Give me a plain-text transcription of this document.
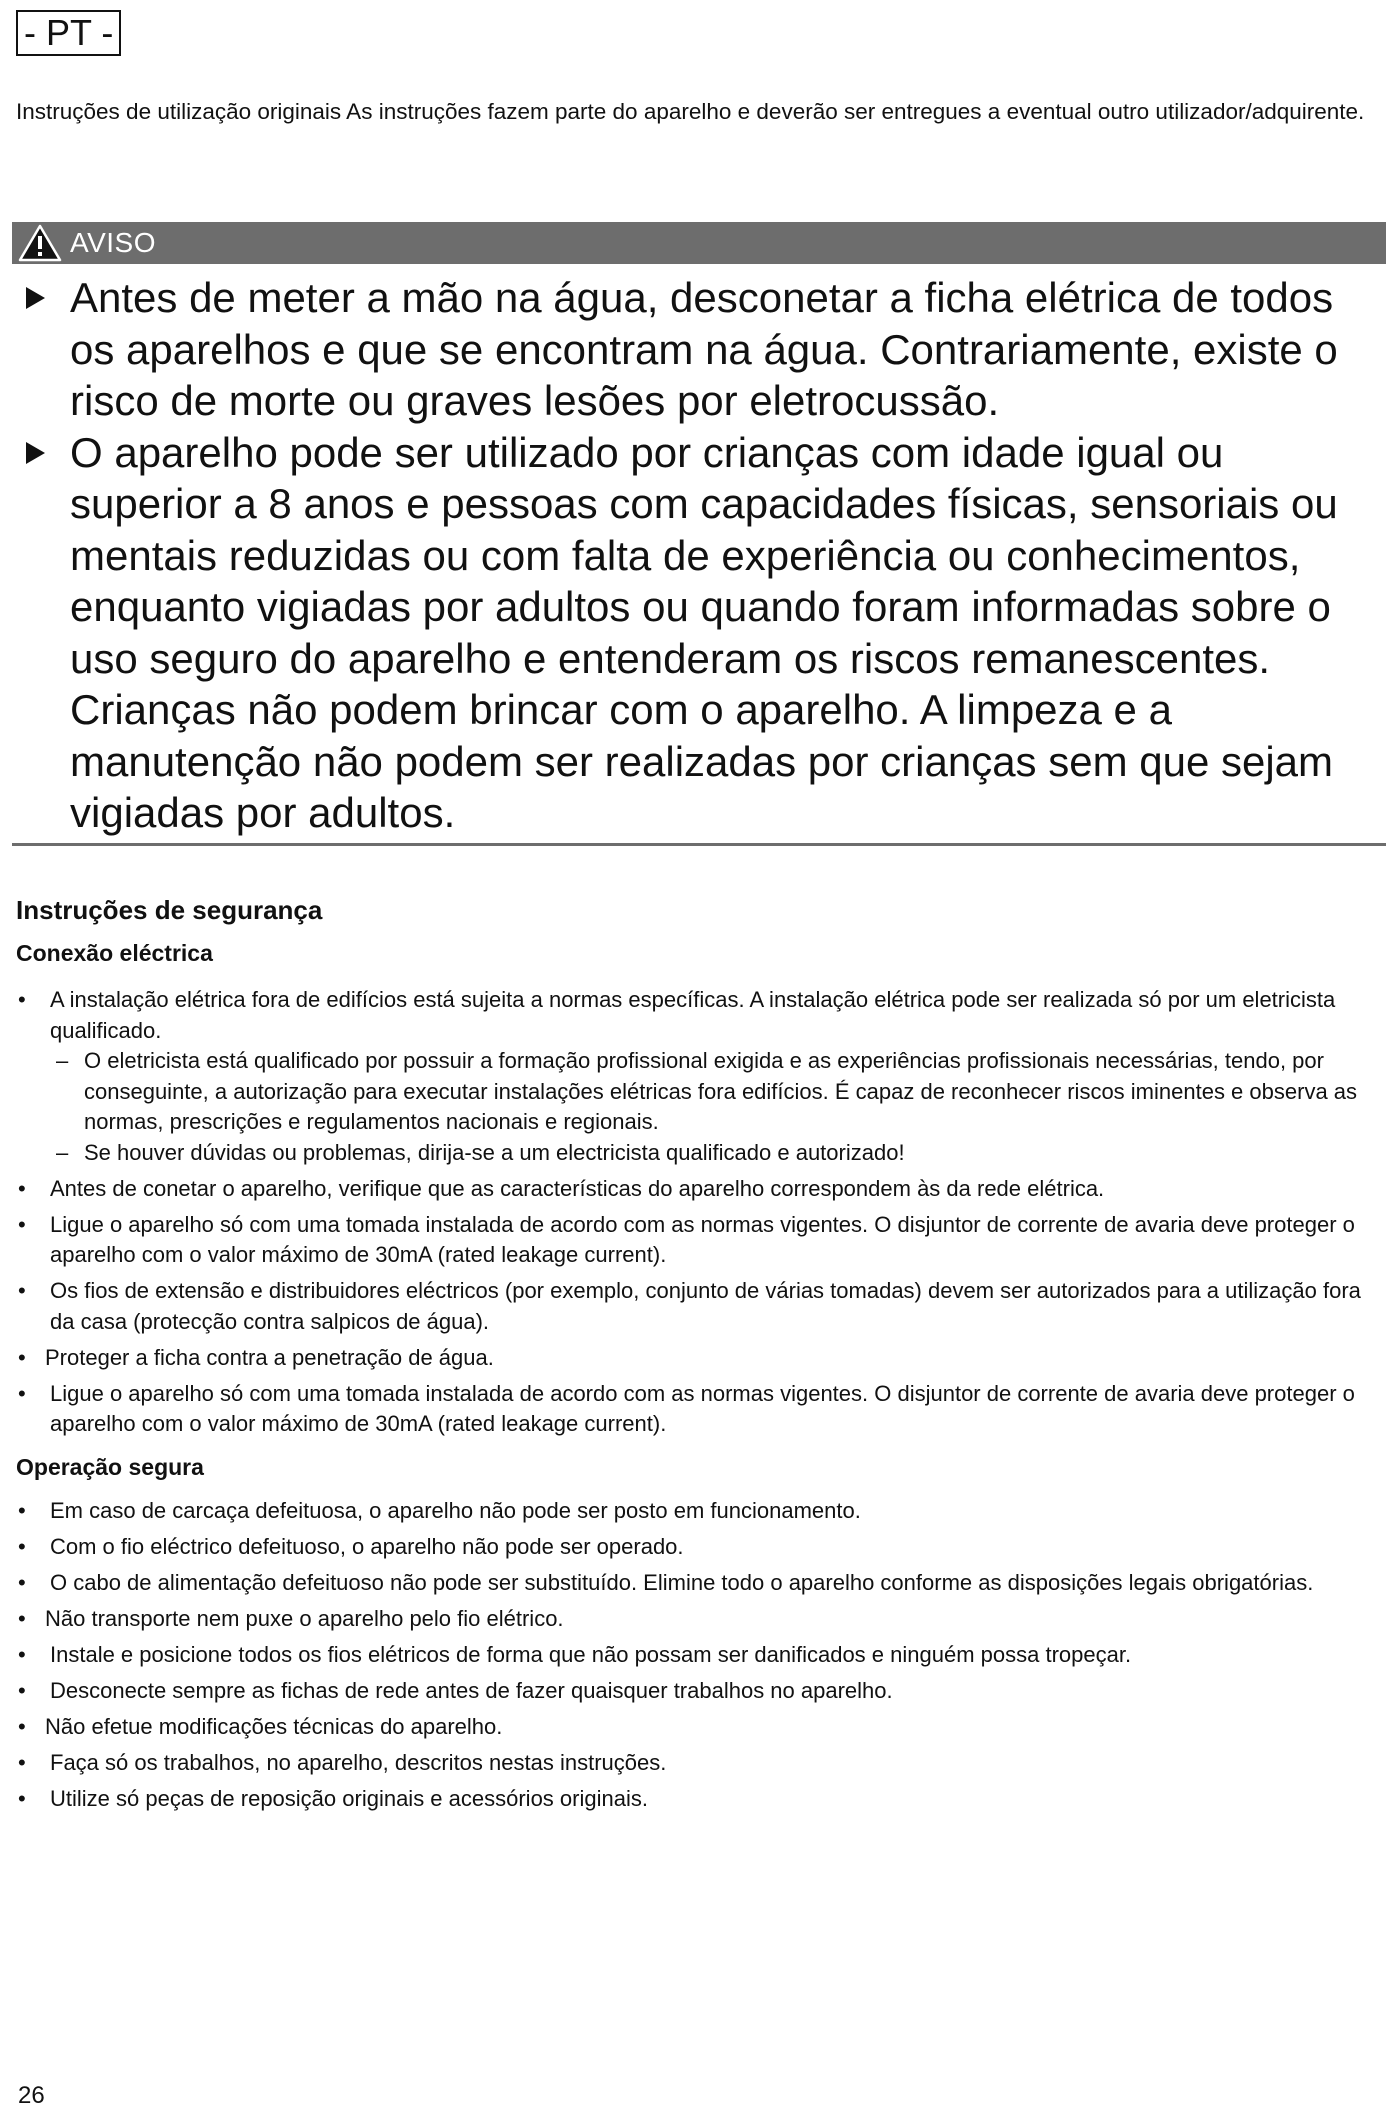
- PT -

Instruções de utilização originais As instruções fazem parte do aparelho e deverão ser entregues a eventual outro utilizador/adquirente.

AVISO
Antes de meter a mão na água, desconetar a ficha elétrica de todos os aparelhos e que se encontram na água. Contrariamente, existe o risco de morte ou graves lesões por eletrocussão.
O aparelho pode ser utilizado por crianças com idade igual ou superior a 8 anos e pessoas com capacidades físicas, sensoriais ou mentais reduzidas ou com falta de experiência ou conhecimentos, enquanto vigiadas por adultos ou quando foram informadas sobre o uso seguro do aparelho e entenderam os riscos remanescentes. Crianças não podem brincar com o aparelho. A limpeza e a manutenção não podem ser realizadas por crianças sem que sejam vigiadas por adultos.
Instruções de segurança
Conexão eléctrica
• A instalação elétrica fora de edifícios está sujeita a normas específicas. A instalação elétrica pode ser realizada só por um eletricista qualificado.
– O eletricista está qualificado por possuir a formação profissional exigida e as experiências profissionais necessárias, tendo, por conseguinte, a autorização para executar instalações elétricas fora edifícios. É capaz de reconhecer riscos iminentes e observa as normas, prescrições e regulamentos nacionais e regionais.
– Se houver dúvidas ou problemas, dirija-se a um electricista qualificado e autorizado!
• Antes de conetar o aparelho, verifique que as características do aparelho correspondem às da rede elétrica.
• Ligue o aparelho só com uma tomada instalada de acordo com as normas vigentes. O disjuntor de corrente de avaria deve proteger o aparelho com o valor máximo de 30mA (rated leakage current).
• Os fios de extensão e distribuidores eléctricos (por exemplo, conjunto de várias tomadas) devem ser autorizados para a utilização fora da casa (protecção contra salpicos de água).
• Proteger a ficha contra a penetração de água.
• Ligue o aparelho só com uma tomada instalada de acordo com as normas vigentes. O disjuntor de corrente de avaria deve proteger o aparelho com o valor máximo de 30mA (rated leakage current).
Operação segura
• Em caso de carcaça defeituosa, o aparelho não pode ser posto em funcionamento.
• Com o fio eléctrico defeituoso, o aparelho não pode ser operado.
• O cabo de alimentação defeituoso não pode ser substituído. Elimine todo o aparelho conforme as disposições legais obrigatórias.
• Não transporte nem puxe o aparelho pelo fio elétrico.
• Instale e posicione todos os fios elétricos de forma que não possam ser danificados e ninguém possa tropeçar.
• Desconecte sempre as fichas de rede antes de fazer quaisquer trabalhos no aparelho.
• Não efetue modificações técnicas do aparelho.
• Faça só os trabalhos, no aparelho, descritos nestas instruções.
• Utilize só peças de reposição originais e acessórios originais.
26
